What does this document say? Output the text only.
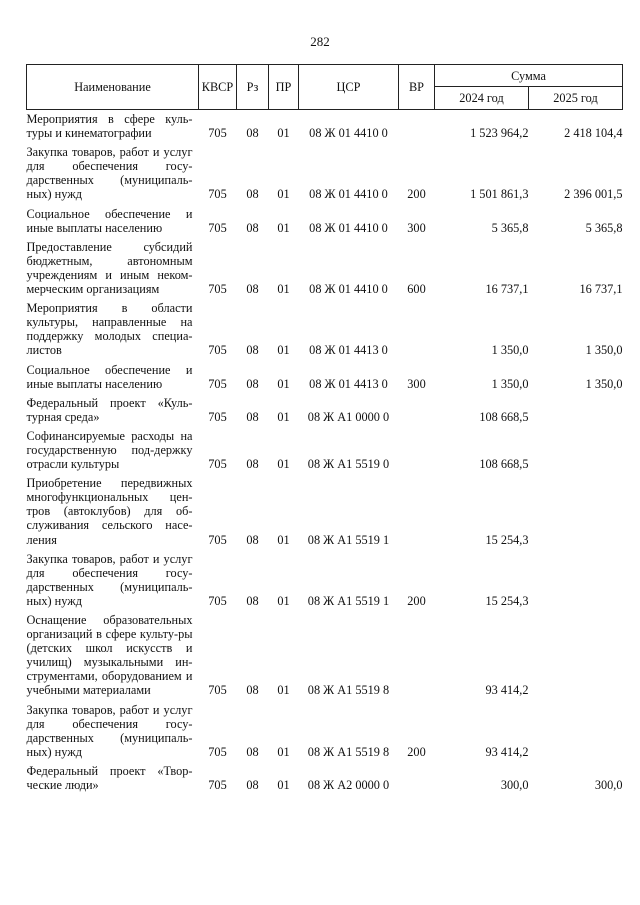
282
Наименование	КВСР	Рз	ПР	ЦСР	ВР	Сумма	
						2024 год	2025 год
Мероприятия в сфере куль-туры и кинематографии	705	08	01	08 Ж 01 4410 0		1 523 964,2	2 418 104,4
Закупка товаров, работ и услуг для обеспечения госу-дарственных (муниципаль-ных) нужд	705	08	01	08 Ж 01 4410 0	200	1 501 861,3	2 396 001,5
Социальное обеспечение и иные выплаты населению	705	08	01	08 Ж 01 4410 0	300	5 365,8	5 365,8
Предоставление субсидий бюджетным, автономным учреждениям и иным неком-мерческим организациям	705	08	01	08 Ж 01 4410 0	600	16 737,1	16 737,1
Мероприятия в области культуры, направленные на поддержку молодых специа-листов	705	08	01	08 Ж 01 4413 0		1 350,0	1 350,0
Социальное обеспечение и иные выплаты населению	705	08	01	08 Ж 01 4413 0	300	1 350,0	1 350,0
Федеральный проект «Куль-турная среда»	705	08	01	08 Ж А1 0000 0		108 668,5	
Софинансируемые расходы на государственную под-держку отрасли культуры	705	08	01	08 Ж А1 5519 0		108 668,5	
Приобретение передвижных многофункциональных цен-тров (автоклубов) для об-служивания сельского насе-ления	705	08	01	08 Ж А1 5519 1		15 254,3	
Закупка товаров, работ и услуг для обеспечения госу-дарственных (муниципаль-ных) нужд	705	08	01	08 Ж А1 5519 1	200	15 254,3	
Оснащение образовательных организаций в сфере культу-ры (детских школ искусств и училищ) музыкальными ин-струментами, оборудованием и учебными материалами	705	08	01	08 Ж А1 5519 8		93 414,2	
Закупка товаров, работ и услуг для обеспечения госу-дарственных (муниципаль-ных) нужд	705	08	01	08 Ж А1 5519 8	200	93 414,2	
Федеральный проект «Твор-ческие люди»	705	08	01	08 Ж А2 0000 0		300,0	300,0
